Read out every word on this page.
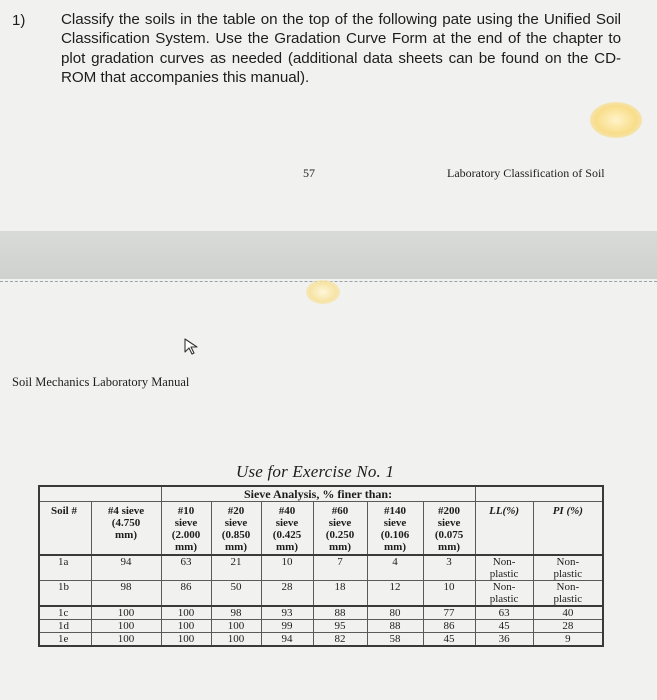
1) Classify the soils in the table on the top of the following pate using the Unified Soil Classification System. Use the Gradation Curve Form at the end of the chapter to plot gradation curves as needed (additional data sheets can be found on the CD-ROM that accompanies this manual).
57	Laboratory Classification of Soil
Soil Mechanics Laboratory Manual
Use for Exercise No. 1
		Sieve Analysis, % finer than:							
Soil #	#4 sieve
(4.750
mm)	#10
sieve
(2.000
mm)	#20
sieve
(0.850
mm)	#40
sieve
(0.425
mm)	#60
sieve
(0.250
mm)	#140
sieve
(0.106
mm)	#200
sieve
(0.075
mm)	LL(%)	PI (%)
1a	94	63	21	10	7	4	3	Non-
plastic	Non-
plastic
1b	98	86	50	28	18	12	10	Non-
plastic	Non-
plastic
1c	100	100	98	93	88	80	77	63	40
1d	100	100	100	99	95	88	86	45	28
1e	100	100	100	94	82	58	45	36	9
